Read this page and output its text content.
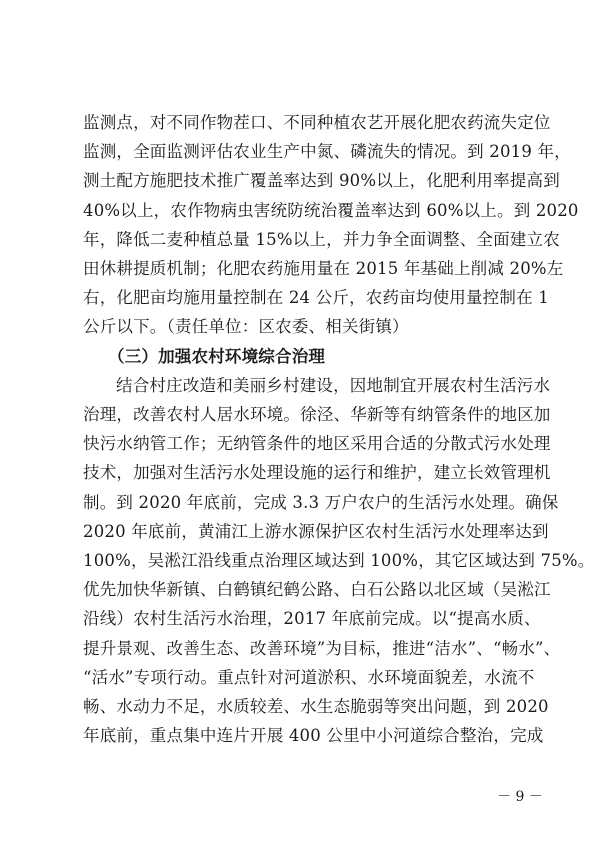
监测点，对不同作物茬口、不同种植农艺开展化肥农药流失定位
监测，全面监测评估农业生产中氮、磷流失的情况。到 2019 年，
测土配方施肥技术推广覆盖率达到 90%以上，化肥利用率提高到
40%以上，农作物病虫害统防统治覆盖率达到 60%以上。到 2020
年，降低二麦种植总量 15%以上，并力争全面调整、全面建立农
田休耕提质机制；化肥农药施用量在 2015 年基础上削减 20%左
右，化肥亩均施用量控制在 24 公斤，农药亩均使用量控制在 1
公斤以下。（责任单位：区农委、相关街镇）
（三）加强农村环境综合治理
结合村庄改造和美丽乡村建设，因地制宜开展农村生活污水
治理，改善农村人居水环境。徐泾、华新等有纳管条件的地区加
快污水纳管工作；无纳管条件的地区采用合适的分散式污水处理
技术，加强对生活污水处理设施的运行和维护，建立长效管理机
制。到 2020 年底前，完成 3.3 万户农户的生活污水处理。确保
2020 年底前，黄浦江上游水源保护区农村生活污水处理率达到
100%，吴淞江沿线重点治理区域达到 100%，其它区域达到 75%。
优先加快华新镇、白鹤镇纪鹤公路、白石公路以北区域（吴淞江
沿线）农村生活污水治理，2017 年底前完成。以“提高水质、
提升景观、改善生态、改善环境”为目标，推进“洁水”、“畅水”、
“活水”专项行动。重点针对河道淤积、水环境面貌差，水流不
畅、水动力不足，水质较差、水生态脆弱等突出问题，到 2020
年底前，重点集中连片开展 400 公里中小河道综合整治，完成
－ 9 －
